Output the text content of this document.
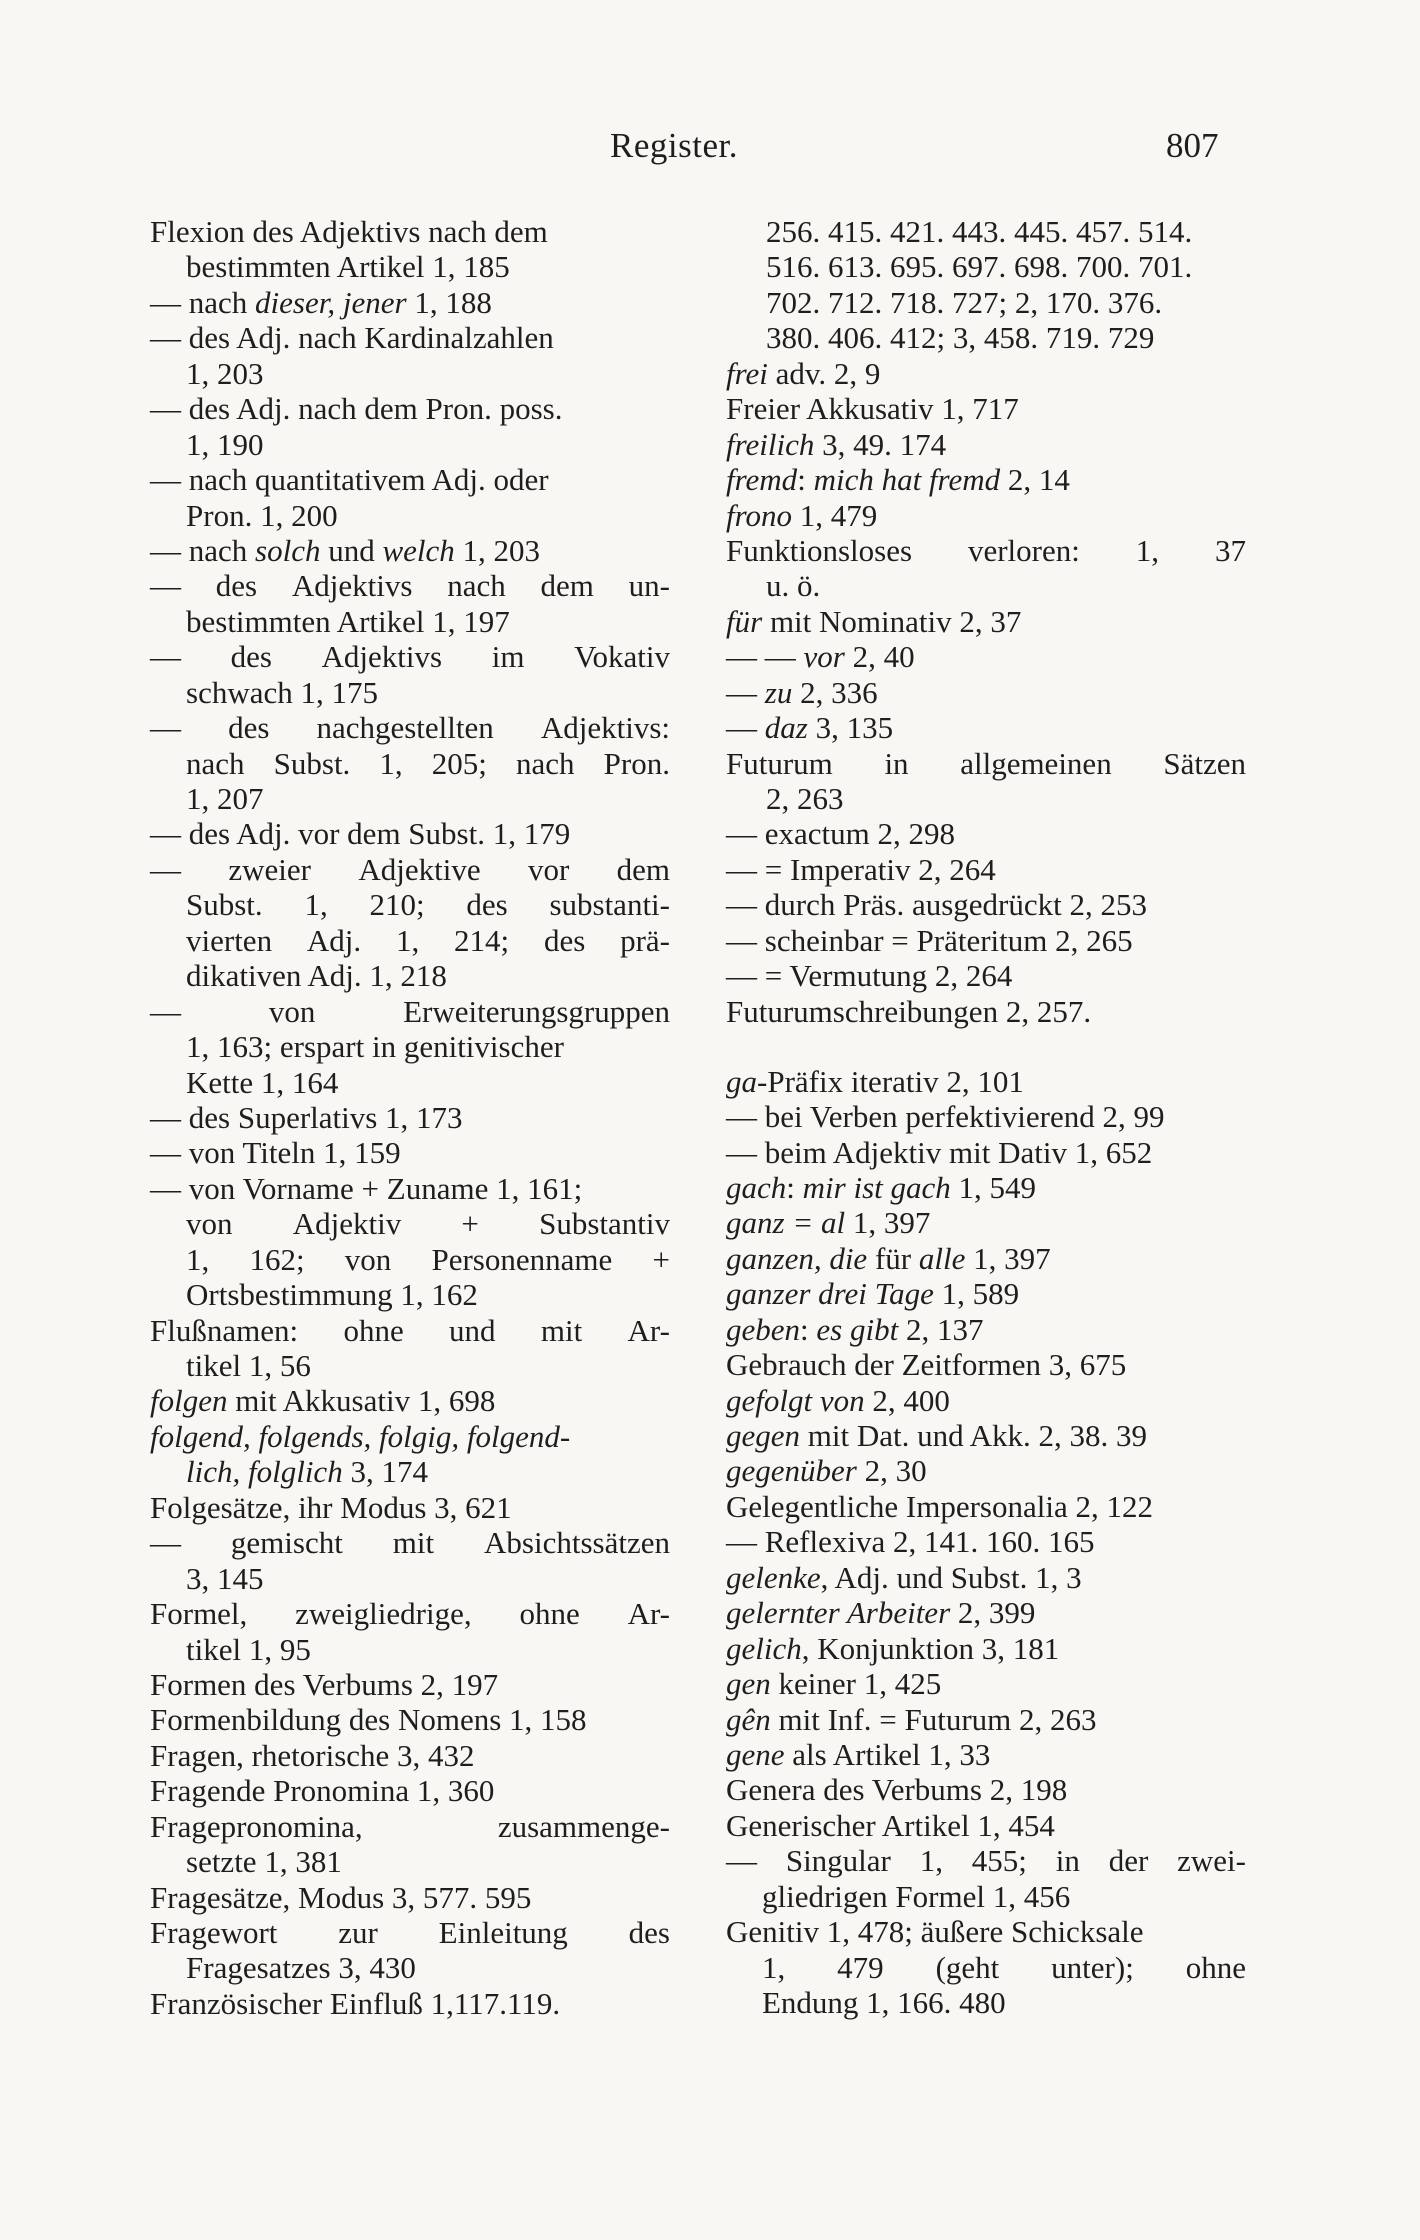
Register.	807
Flexion des Adjektivs nach dem
bestimmten Artikel 1, 185
— nach dieser, jener 1, 188
— des Adj. nach Kardinalzahlen
1, 203
— des Adj. nach dem Pron. poss.
1, 190
— nach quantitativem Adj. oder
Pron. 1, 200
— nach solch und welch 1, 203
— des Adjektivs nach dem un-
bestimmten Artikel 1, 197
— des Adjektivs im Vokativ
schwach 1, 175
— des nachgestellten Adjektivs:
nach Subst. 1, 205; nach Pron.
1, 207
— des Adj. vor dem Subst. 1, 179
— zweier Adjektive vor dem
Subst. 1, 210; des substanti-
vierten Adj. 1, 214; des prä-
dikativen Adj. 1, 218
—	von	Erweiterungsgruppen
1, 163; erspart in genitivischer
Kette 1, 164
— des Superlativs 1, 173
— von Titeln 1, 159
— von Vorname + Zuname 1, 161;
von Adjektiv + Substantiv
1, 162; von Personenname +
Ortsbestimmung 1, 162
Flußnamen: ohne und mit Ar-
tikel 1, 56
folgen mit Akkusativ 1, 698
folgend, folgends, folgig, folgend-
lich, folglich 3, 174
Folgesätze, ihr Modus 3, 621
— gemischt mit Absichtssätzen
3, 145
Formel, zweigliedrige, ohne Ar-
tikel 1, 95
Formen des Verbums 2, 197
Formenbildung des Nomens 1, 158
Fragen, rhetorische 3, 432
Fragende Pronomina 1, 360
Fragepronomina,	zusammenge-
setzte 1, 381
Fragesätze, Modus 3, 577. 595
Fragewort zur Einleitung des
Fragesatzes 3, 430
Französischer Einfluß 1,117.119.
256. 415. 421. 443. 445. 457. 514.
516. 613. 695. 697. 698. 700. 701.
702. 712. 718. 727; 2, 170. 376.
380. 406. 412; 3, 458. 719. 729
frei adv. 2, 9
Freier Akkusativ 1, 717
freilich 3, 49. 174
fremd: mich hat fremd 2, 14
frono 1, 479
Funktionsloses verloren: 1, 37
u. ö.
für mit Nominativ 2, 37
— — vor 2, 40
— zu 2, 336
— daz 3, 135
Futurum in allgemeinen Sätzen
2, 263
— exactum 2, 298
— = Imperativ 2, 264
— durch Präs. ausgedrückt 2, 253
— scheinbar = Präteritum 2, 265
— = Vermutung 2, 264
Futurumschreibungen 2, 257.
ga-Präfix iterativ 2, 101
— bei Verben perfektivierend 2, 99
— beim Adjektiv mit Dativ 1, 652
gach: mir ist gach 1, 549
ganz = al 1, 397
ganzen, die für alle 1, 397
ganzer drei Tage 1, 589
geben: es gibt 2, 137
Gebrauch der Zeitformen 3, 675
gefolgt von 2, 400
gegen mit Dat. und Akk. 2, 38. 39
gegenüber 2, 30
Gelegentliche Impersonalia 2, 122
— Reflexiva 2, 141. 160. 165
gelenke, Adj. und Subst. 1, 3
gelernter Arbeiter 2, 399
gelich, Konjunktion 3, 181
gen keiner 1, 425
gên mit Inf. = Futurum 2, 263
gene als Artikel 1, 33
Genera des Verbums 2, 198
Generischer Artikel 1, 454
— Singular 1, 455; in der zwei-
gliedrigen Formel 1, 456
Genitiv 1, 478; äußere Schicksale
1, 479 (geht unter); ohne
Endung 1, 166. 480
